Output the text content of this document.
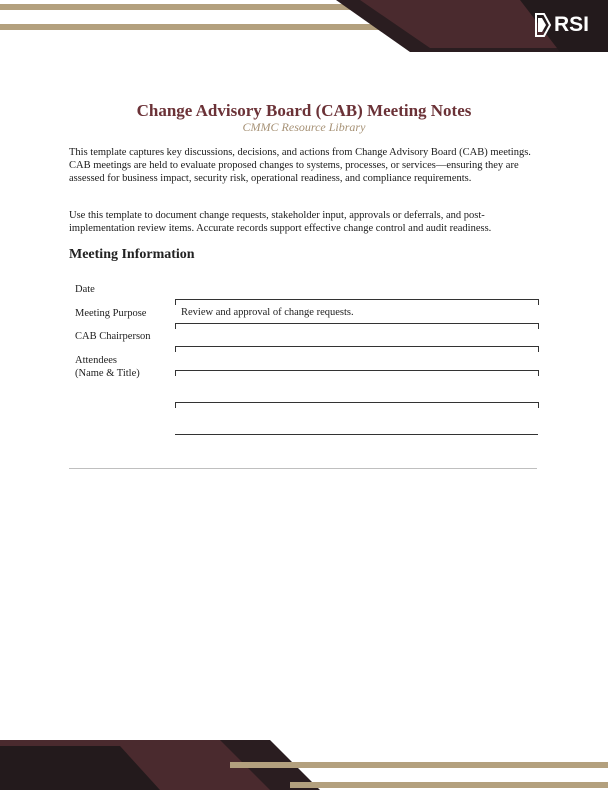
RSI
Change Advisory Board (CAB) Meeting Notes
CMMC Resource Library

This template captures key discussions, decisions, and actions from Change Advisory Board (CAB) meetings. CAB meetings are held to evaluate proposed changes to systems, processes, or services—ensuring they are assessed for business impact, security risk, operational readiness, and compliance requirements.

Use this template to document change requests, stakeholder input, approvals or deferrals, and post-implementation review items. Accurate records support effective change control and audit readiness.

Meeting Information
Date
Meeting Purpose	Review and approval of change requests.
CAB Chairperson
Attendees
(Name & Title)
